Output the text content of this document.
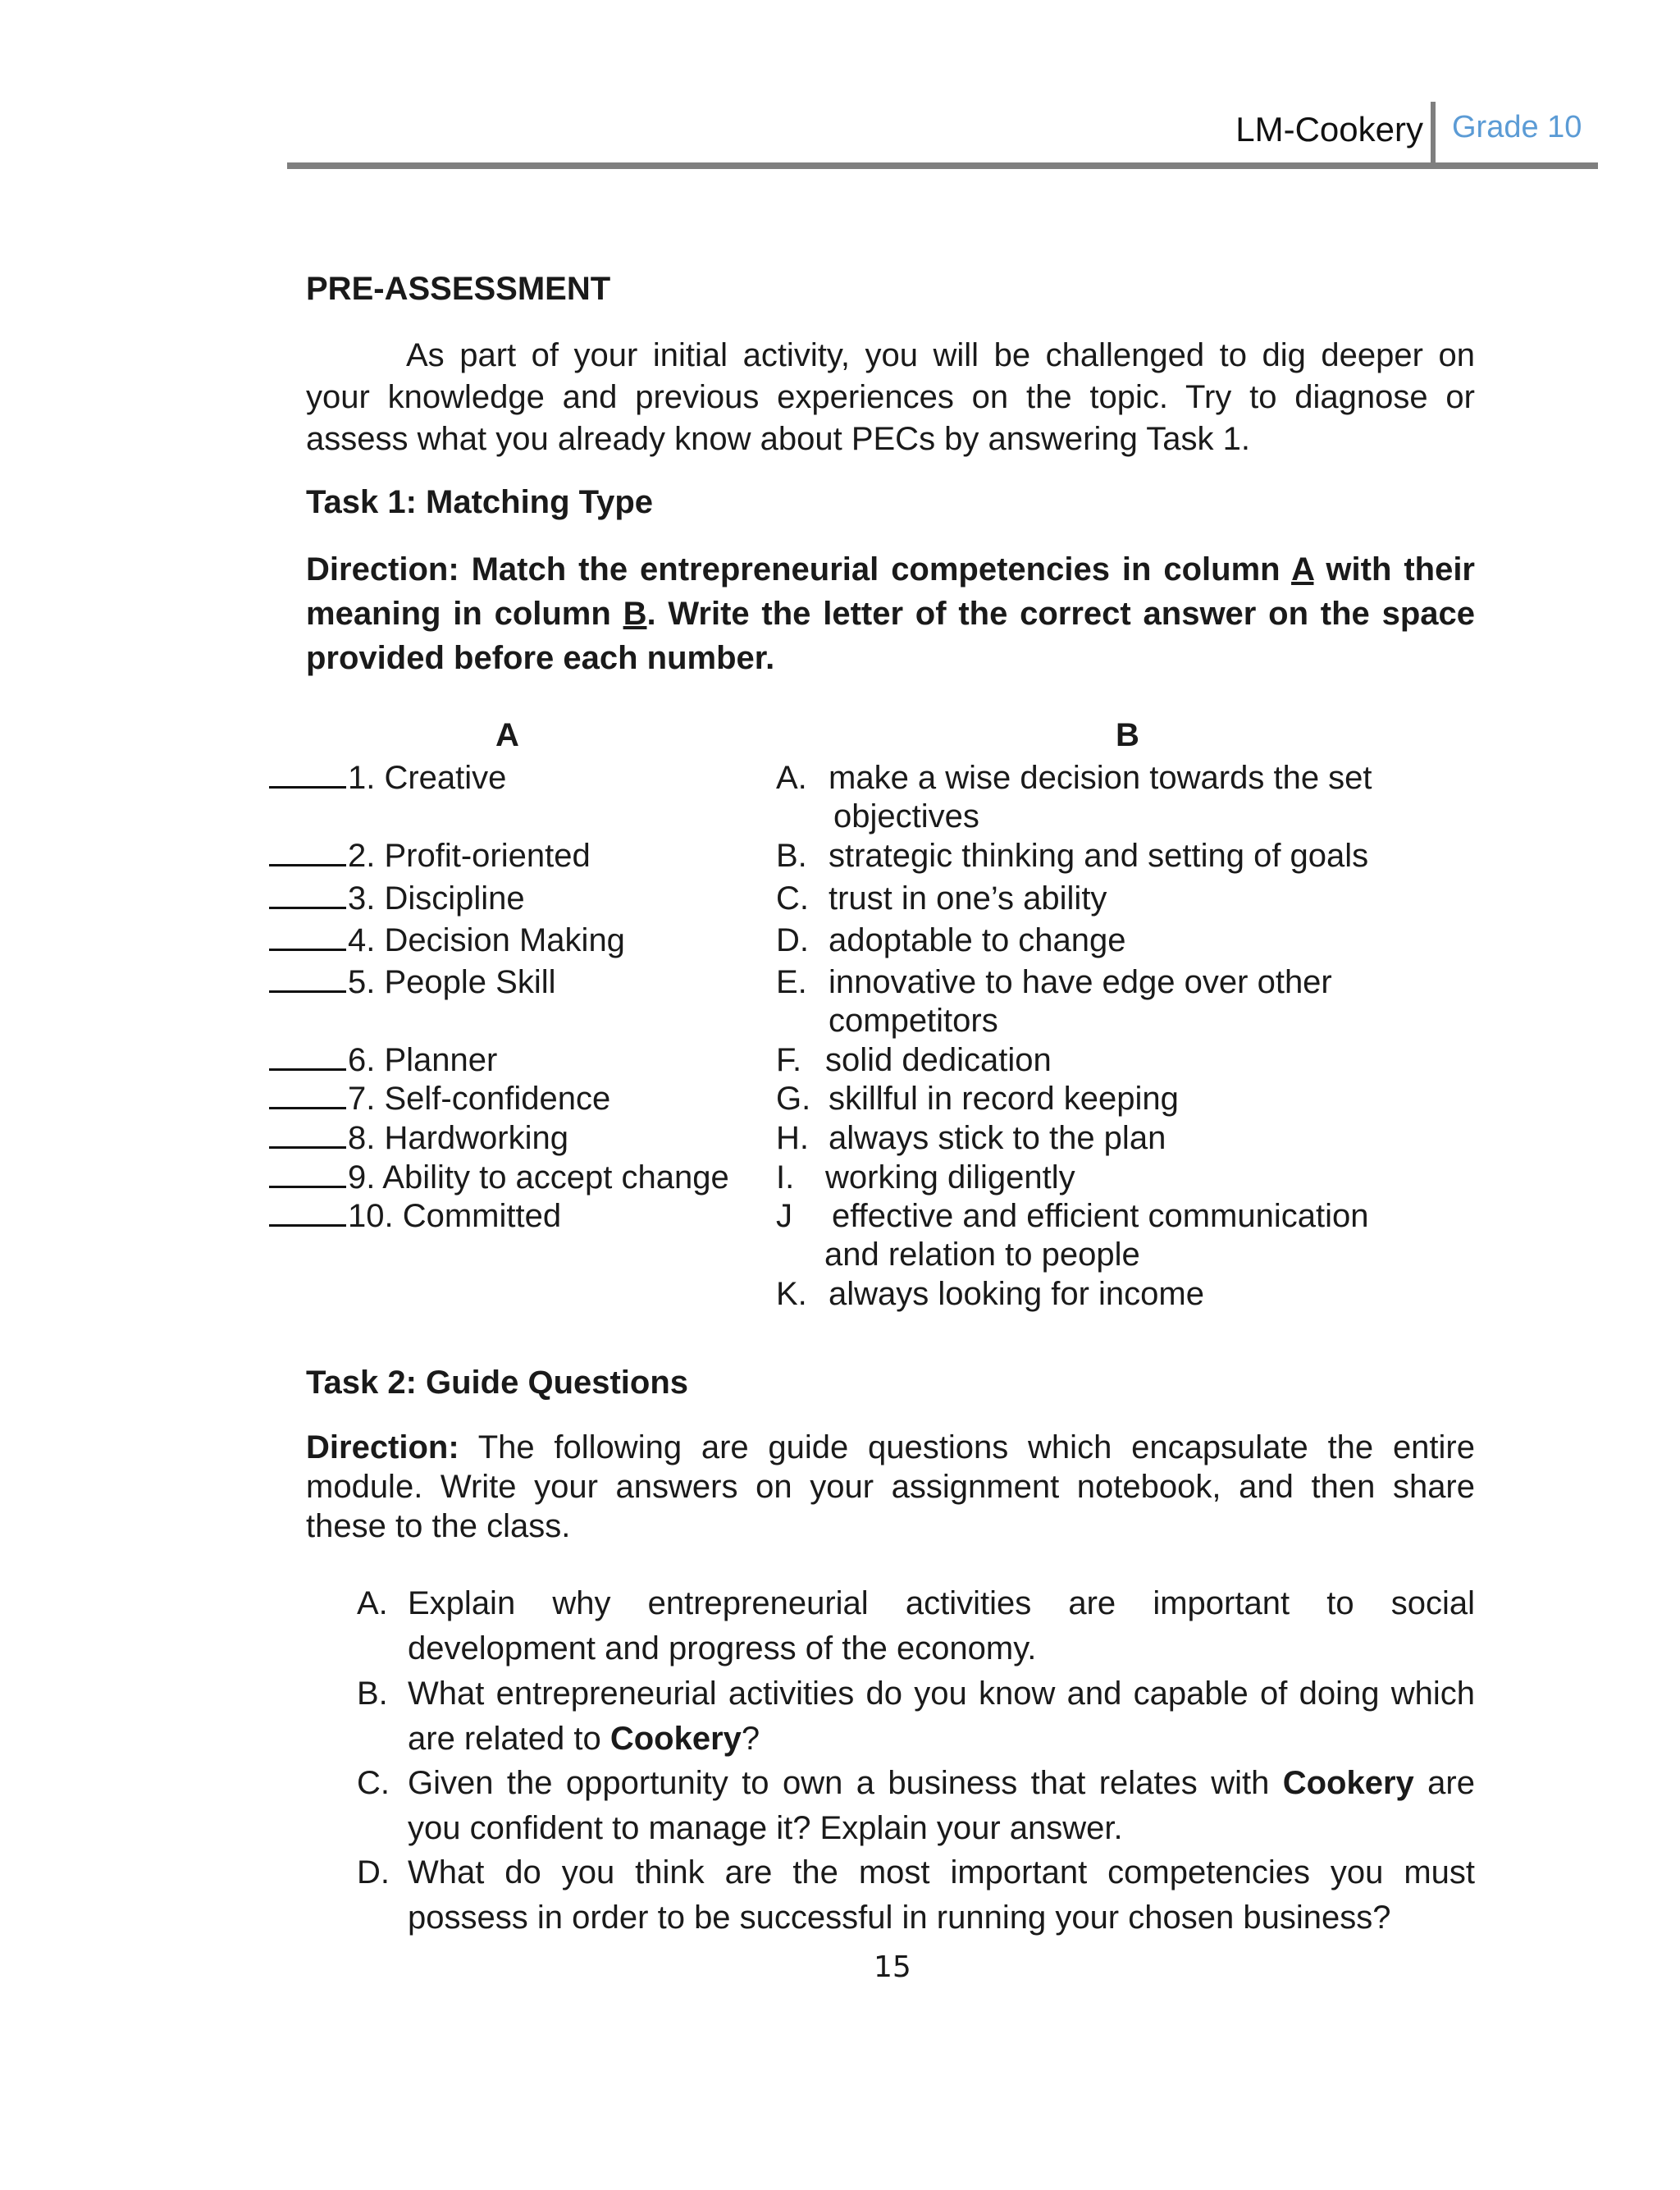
LM-Cookery Grade 10
PRE-ASSESSMENT
As part of your initial activity, you will be challenged to dig deeper on
your knowledge and previous experiences on the topic. Try to diagnose or
assess what you already know about PECs by answering Task 1.
Task 1: Matching Type
Direction: Match the entrepreneurial competencies in column A with their meaning in column B. Write the letter of the correct answer on the space provided before each number.
A	B
1. Creative
2. Profit-oriented
3. Discipline
4. Decision Making
5. People Skill
6. Planner
7. Self-confidence
8. Hardworking
9. Ability to accept change
10. Committed
A. make a wise decision towards the set
objectives
B. strategic thinking and setting of goals
C. trust in one’s ability
D. adoptable to change
E. innovative to have edge over other
competitors
F. solid dedication
G. skillful in record keeping
H. always stick to the plan
I. working diligently
J effective and efficient communication
and relation to people
K. always looking for income
Task 2: Guide Questions
Direction: The following are guide questions which encapsulate the entire module. Write your answers on your assignment notebook, and then share these to the class.
A. Explain why entrepreneurial activities are important to social development and progress of the economy.
B. What entrepreneurial activities do you know and capable of doing which are related to Cookery?
C. Given the opportunity to own a business that relates with Cookery are you confident to manage it? Explain your answer.
D. What do you think are the most important competencies you must possess in order to be successful in running your chosen business?
15
